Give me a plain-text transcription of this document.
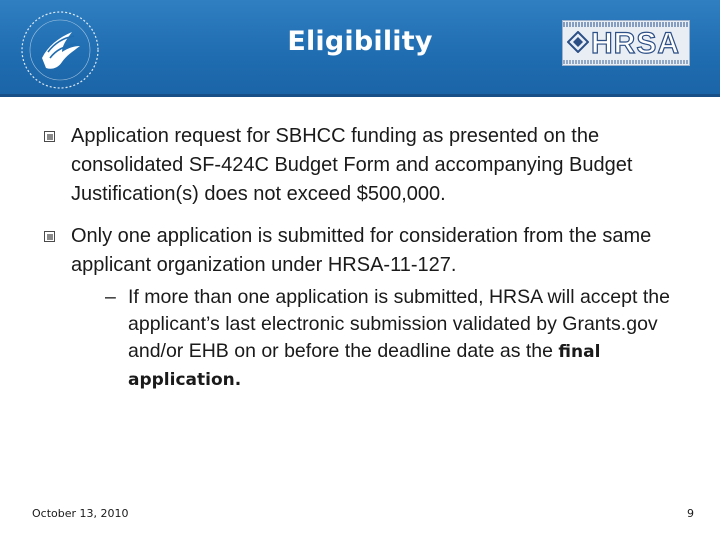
Eligibility	HRSA
Application request for SBHCC funding as presented on the consolidated SF-424C Budget Form and accompanying Budget Justification(s) does not exceed $500,000.
Only one application is submitted for consideration from the same applicant organization under HRSA-11-127.
– If more than one application is submitted, HRSA will accept the applicant’s last electronic submission validated by Grants.gov and/or EHB on or before the deadline date as the final application.
October 13, 2010	9
